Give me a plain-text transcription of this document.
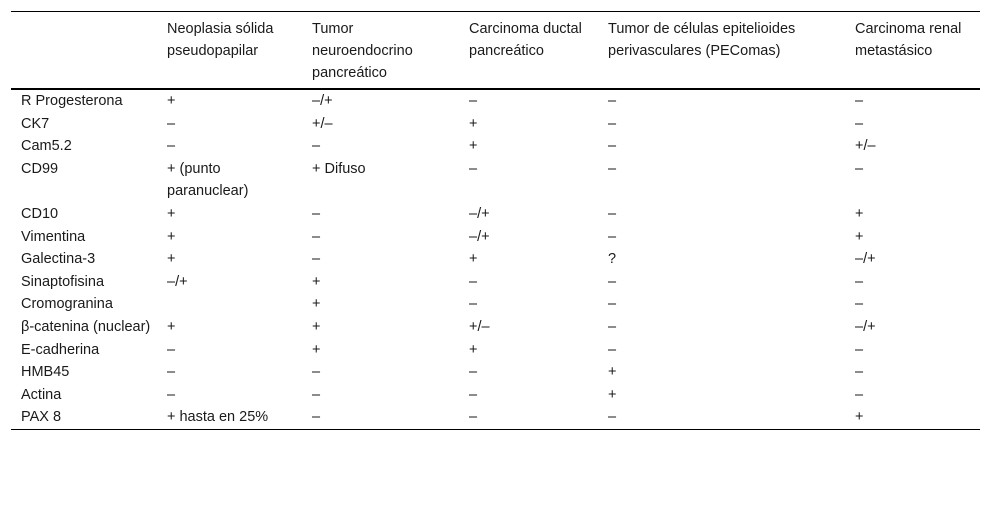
	Neoplasia sólida pseudopapilar	Tumor neuroendocrino pancreático	Carcinoma ductal pancreático	Tumor de células epitelioides perivasculares (PEComas)	Carcinoma renal metastásico
R Progesterona	+	–/+	–	–	–
CK7	–	+/–	+	–	–
Cam5.2	–	–	+	–	+/–
CD99	+ (punto paranuclear)	+ Difuso	–	–	–
CD10	+	–	–/+	–	+
Vimentina	+	–	–/+	–	+
Galectina-3	+	–	+	?	–/+
Sinaptofisina	–/+	+	–	–	–
Cromogranina		+	–	–	–
β-catenina (nuclear)	+	+	+/–	–	–/+
E-cadherina	–	+	+	–	–
HMB45	–	–	–	+	–
Actina	–	–	–	+	–
PAX 8	+ hasta en 25%	–	–	–	+
